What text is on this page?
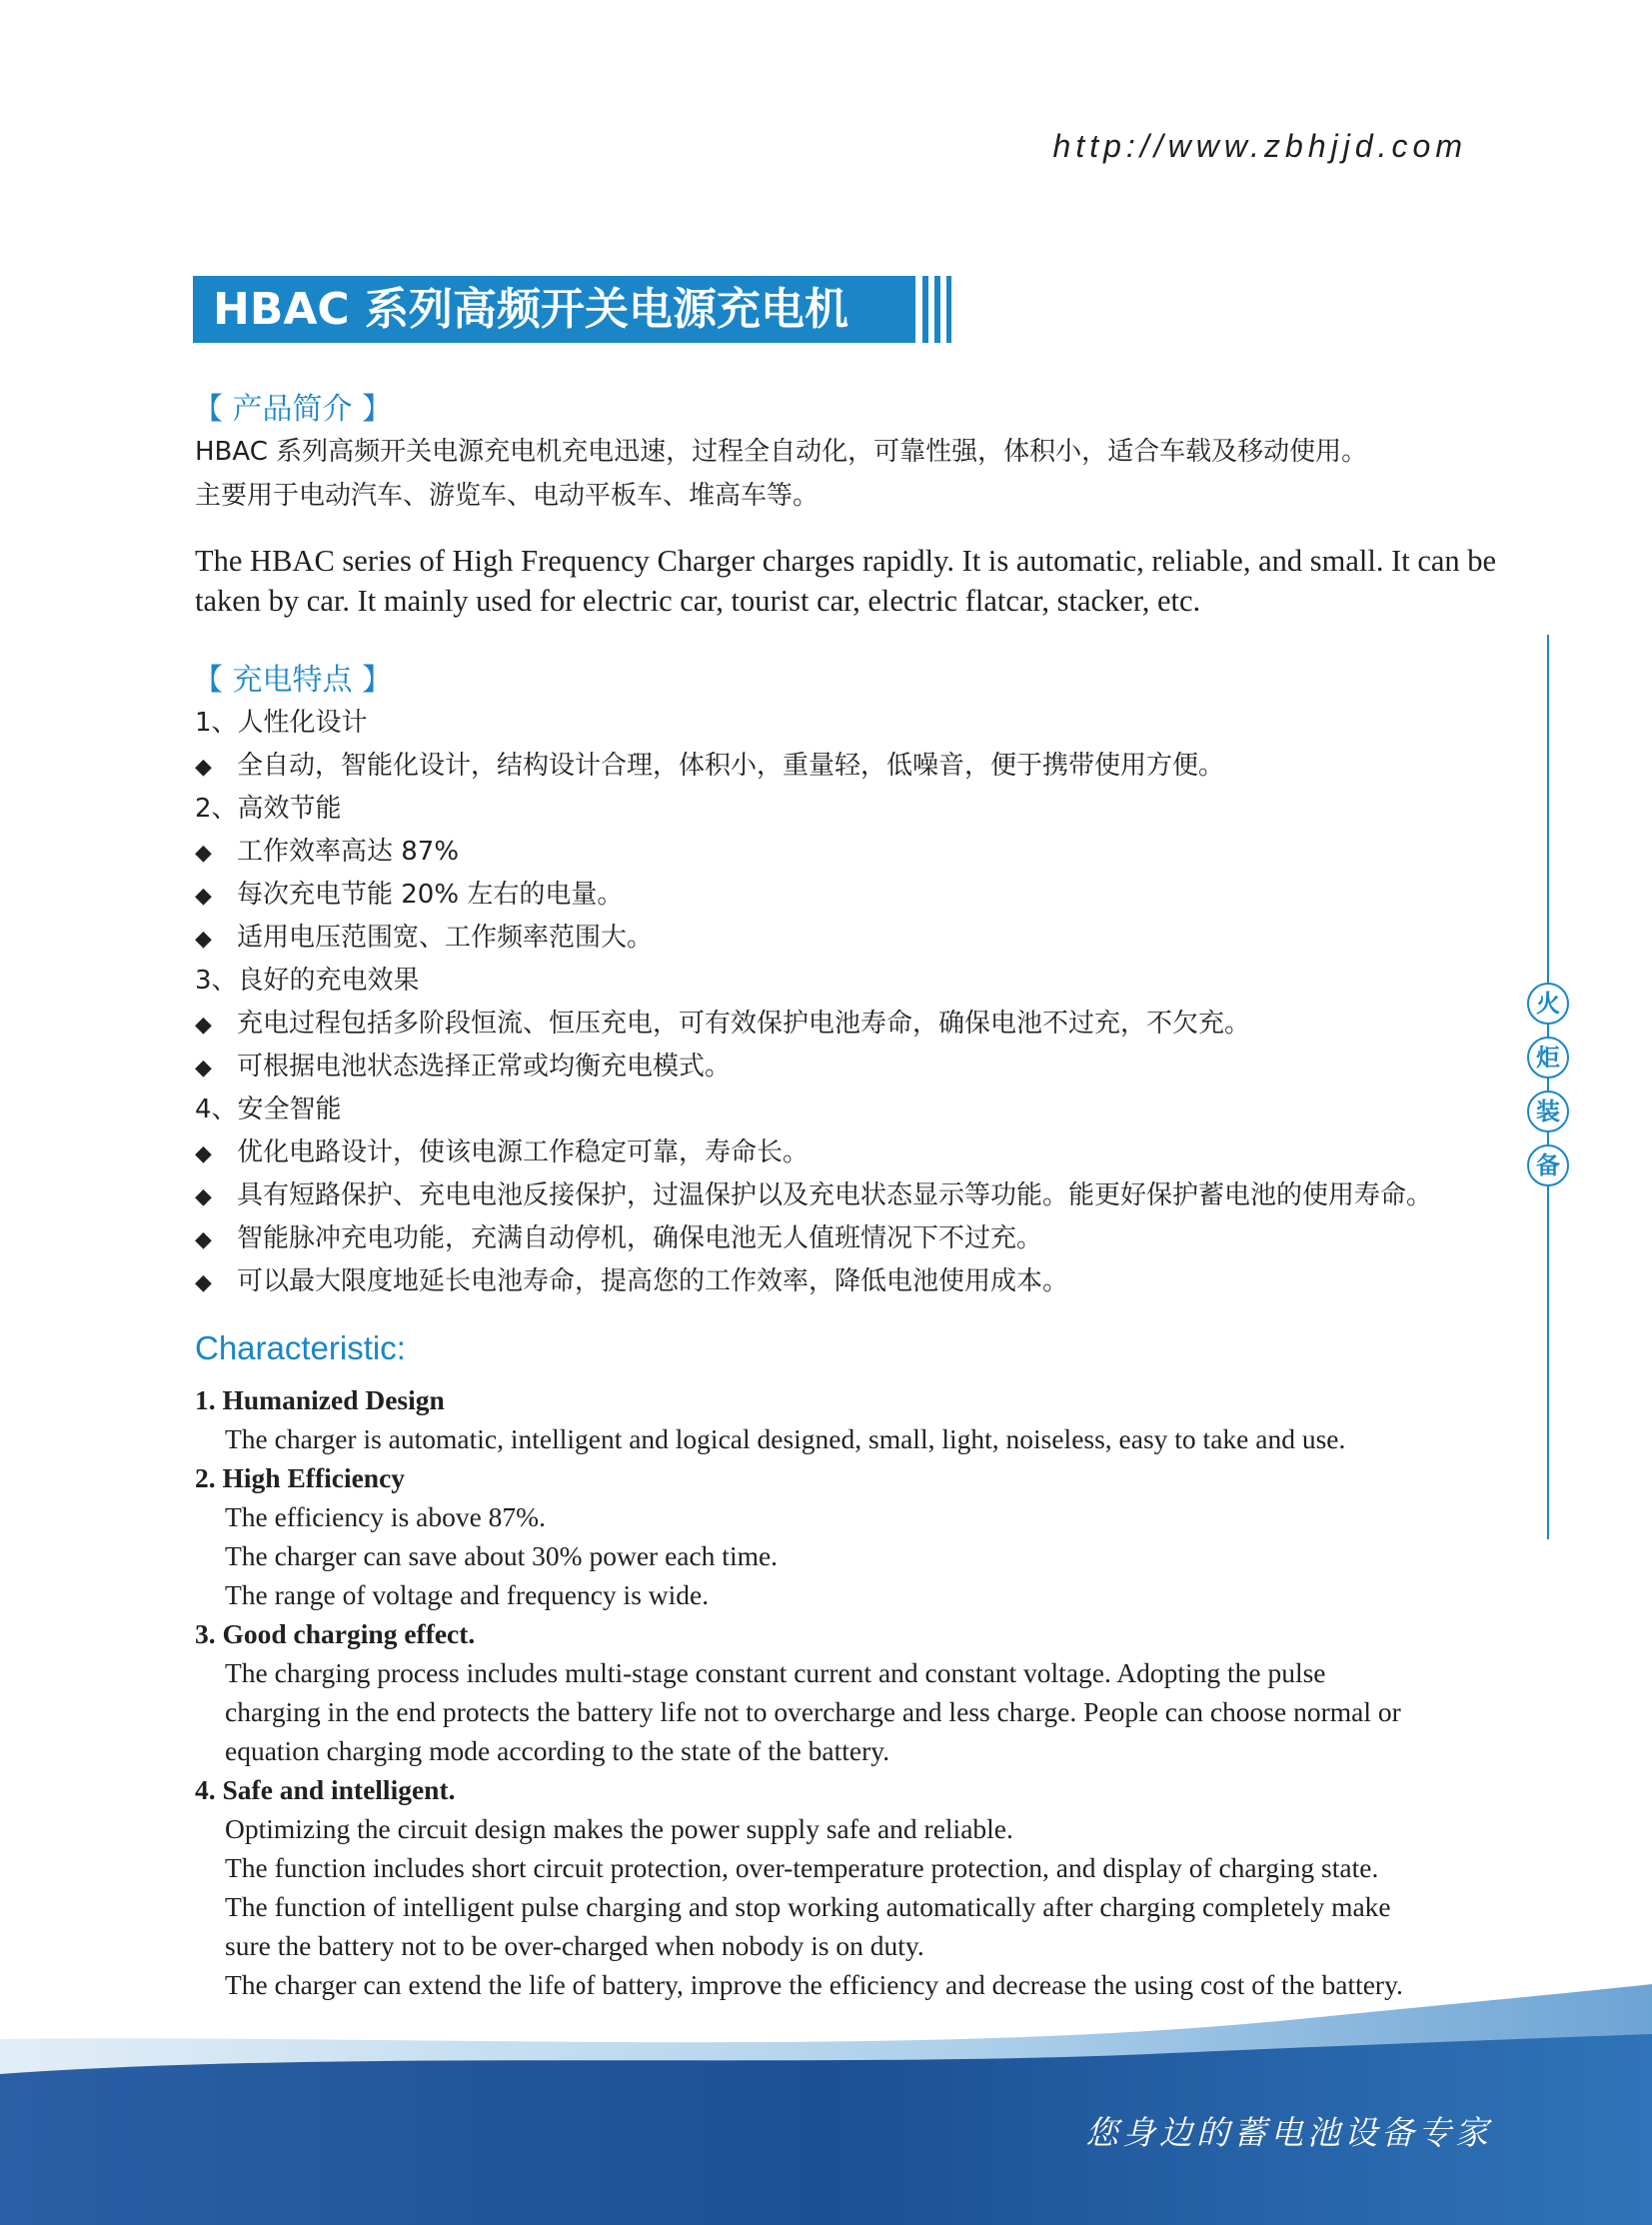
http://www.zbhjjd.com
HBAC 系列高频开关电源充电机
【 产品简介 】
HBAC 系列高频开关电源充电机充电迅速，过程全自动化，可靠性强，体积小，适合车载及移动使用。
主要用于电动汽车、游览车、电动平板车、堆高车等。
The HBAC series of High Frequency Charger charges rapidly. It is automatic, reliable, and small. It can be taken by car. It mainly used for electric car, tourist car, electric flatcar, stacker, etc.
【 充电特点 】
1、人性化设计
◆ 全自动，智能化设计，结构设计合理，体积小，重量轻，低噪音，便于携带使用方便。
2、高效节能
◆ 工作效率高达 87%
◆ 每次充电节能 20% 左右的电量。
◆ 适用电压范围宽、工作频率范围大。
3、良好的充电效果
◆ 充电过程包括多阶段恒流、恒压充电，可有效保护电池寿命，确保电池不过充，不欠充。
◆ 可根据电池状态选择正常或均衡充电模式。
4、安全智能
◆ 优化电路设计，使该电源工作稳定可靠，寿命长。
◆ 具有短路保护、充电电池反接保护，过温保护以及充电状态显示等功能。能更好保护蓄电池的使用寿命。
◆ 智能脉冲充电功能，充满自动停机，确保电池无人值班情况下不过充。
◆ 可以最大限度地延长电池寿命，提高您的工作效率，降低电池使用成本。
Characteristic:
1. Humanized Design
The charger is automatic, intelligent and logical designed, small, light, noiseless, easy to take and use.
2. High Efficiency
The efficiency is above 87%.
The charger can save about 30% power each time.
The range of voltage and frequency is wide.
3. Good charging effect.
The charging process includes multi-stage constant current and constant voltage. Adopting the pulse
charging in the end protects the battery life not to overcharge and less charge. People can choose normal or
equation charging mode according to the state of the battery.
4. Safe and intelligent.
Optimizing the circuit design makes the power supply safe and reliable.
The function includes short circuit protection, over-temperature protection, and display of charging state.
The function of intelligent pulse charging and stop working automatically after charging completely make
sure the battery not to be over-charged when nobody is on duty.
The charger can extend the life of battery, improve the efficiency and decrease the using cost of the battery.
火
炬
装
备
您身边的蓄电池设备专家
